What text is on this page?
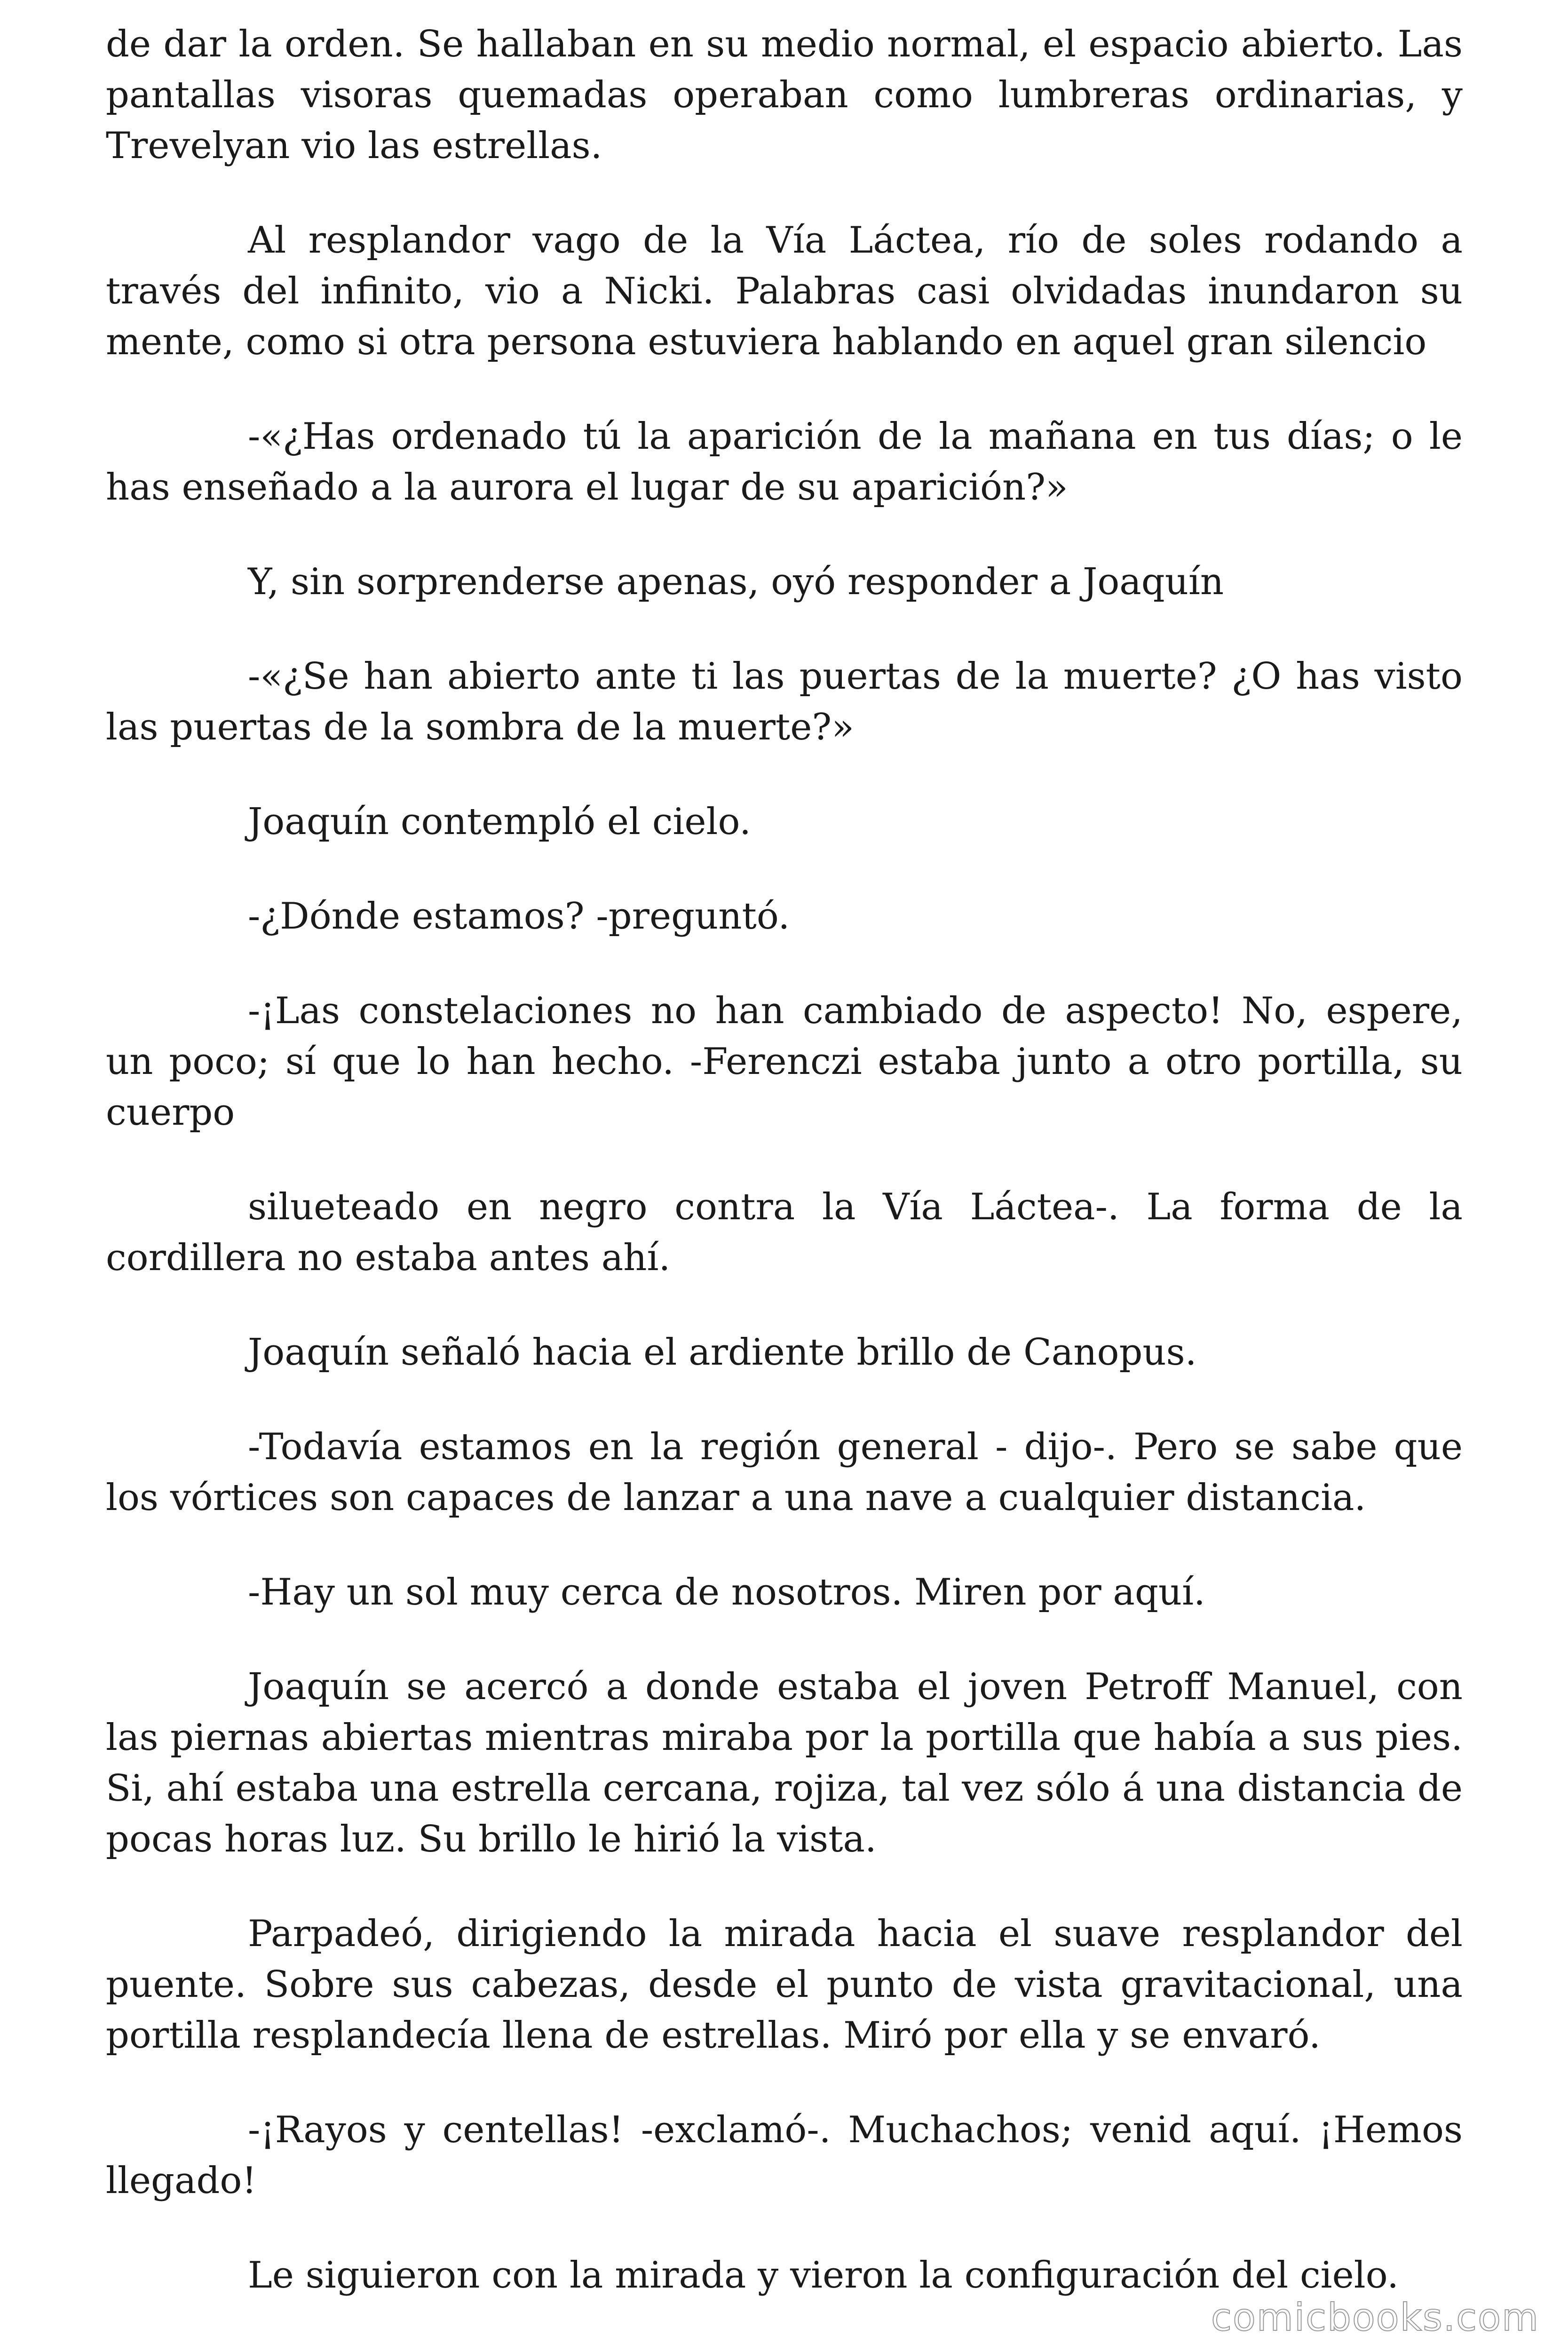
de dar la orden. Se hallaban en su medio normal, el espacio abierto. Las pantallas visoras quemadas operaban como lumbreras ordinarias, y Trevelyan vio las estrellas.

Al resplandor vago de la Vía Láctea, río de soles rodando a través del infinito, vio a Nicki. Palabras casi olvidadas inundaron su mente, como si otra persona estuviera hablando en aquel gran silencio

-«¿Has ordenado tú la aparición de la mañana en tus días; o le has enseñado a la aurora el lugar de su aparición?»

Y, sin sorprenderse apenas, oyó responder a Joaquín

-«¿Se han abierto ante ti las puertas de la muerte? ¿O has visto las puertas de la sombra de la muerte?»

Joaquín contempló el cielo.

-¿Dónde estamos? -preguntó.

-¡Las constelaciones no han cambiado de aspecto! No, espere, un poco; sí que lo han hecho. -Ferenczi estaba junto a otro portilla, su cuerpo

silueteado en negro contra la Vía Láctea-. La forma de la cordillera no estaba antes ahí.

Joaquín señaló hacia el ardiente brillo de Canopus.

-Todavía estamos en la región general - dijo-. Pero se sabe que los vórtices son capaces de lanzar a una nave a cualquier distancia.

-Hay un sol muy cerca de nosotros. Miren por aquí.

Joaquín se acercó a donde estaba el joven Petroff Manuel, con las piernas abiertas mientras miraba por la portilla que había a sus pies. Si, ahí estaba una estrella cercana, rojiza, tal vez sólo á una distancia de pocas horas luz. Su brillo le hirió la vista.

Parpadeó, dirigiendo la mirada hacia el suave resplandor del puente. Sobre sus cabezas, desde el punto de vista gravitacional, una portilla resplandecía llena de estrellas. Miró por ella y se envaró.

-¡Rayos y centellas! -exclamó-. Muchachos; venid aquí. ¡Hemos llegado!

Le siguieron con la mirada y vieron la configuración del cielo.

comicbooks.com
